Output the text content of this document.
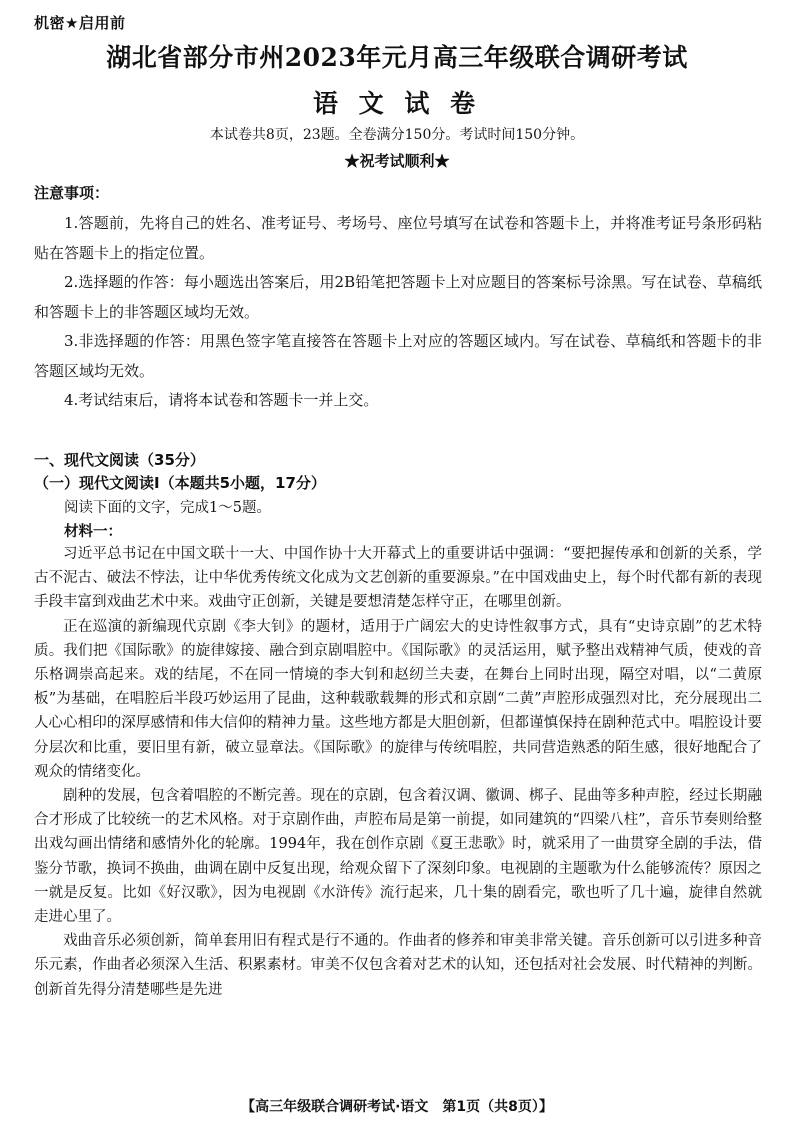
机密★启用前
湖北省部分市州2023年元月高三年级联合调研考试
语 文 试 卷
本试卷共8页，23题。全卷满分150分。考试时间150分钟。
★祝考试顺利★
注意事项：

1.答题前，先将自己的姓名、准考证号、考场号、座位号填写在试卷和答题卡上，并将准考证号条形码粘贴在答题卡上的指定位置。

2.选择题的作答：每小题选出答案后，用2B铅笔把答题卡上对应题目的答案标号涂黑。写在试卷、草稿纸和答题卡上的非答题区域均无效。

3.非选择题的作答：用黑色签字笔直接答在答题卡上对应的答题区域内。写在试卷、草稿纸和答题卡的非答题区域均无效。

4.考试结束后，请将本试卷和答题卡一并上交。

一、现代文阅读（35分）
（一）现代文阅读Ⅰ（本题共5小题，17分）
阅读下面的文字，完成1～5题。
材料一：

习近平总书记在中国文联十一大、中国作协十大开幕式上的重要讲话中强调：“要把握传承和创新的关系，学古不泥古、破法不悖法，让中华优秀传统文化成为文艺创新的重要源泉。”在中国戏曲史上，每个时代都有新的表现手段丰富到戏曲艺术中来。戏曲守正创新，关键是要想清楚怎样守正，在哪里创新。

正在巡演的新编现代京剧《李大钊》的题材，适用于广阔宏大的史诗性叙事方式，具有“史诗京剧”的艺术特质。我们把《国际歌》的旋律嫁接、融合到京剧唱腔中。《国际歌》的灵活运用，赋予整出戏精神气质，使戏的音乐格调崇高起来。戏的结尾，不在同一情境的李大钊和赵纫兰夫妻，在舞台上同时出现，隔空对唱，以“二黄原板”为基础，在唱腔后半段巧妙运用了昆曲，这种载歌载舞的形式和京剧“二黄”声腔形成强烈对比，充分展现出二人心心相印的深厚感情和伟大信仰的精神力量。这些地方都是大胆创新，但都谨慎保持在剧种范式中。唱腔设计要分层次和比重，要旧里有新，破立显章法。《国际歌》的旋律与传统唱腔，共同营造熟悉的陌生感，很好地配合了观众的情绪变化。

剧种的发展，包含着唱腔的不断完善。现在的京剧，包含着汉调、徽调、梆子、昆曲等多种声腔，经过长期融合才形成了比较统一的艺术风格。对于京剧作曲，声腔布局是第一前提，如同建筑的“四梁八柱”，音乐节奏则给整出戏勾画出情绪和感情外化的轮廓。1994年，我在创作京剧《夏王悲歌》时，就采用了一曲贯穿全剧的手法，借鉴分节歌，换词不换曲，曲调在剧中反复出现，给观众留下了深刻印象。电视剧的主题歌为什么能够流传？原因之一就是反复。比如《好汉歌》，因为电视剧《水浒传》流行起来，几十集的剧看完，歌也听了几十遍，旋律自然就走进心里了。

戏曲音乐必须创新，简单套用旧有程式是行不通的。作曲者的修养和审美非常关键。音乐创新可以引进多种音乐元素，作曲者必须深入生活、积累素材。审美不仅包含着对艺术的认知，还包括对社会发展、时代精神的判断。创新首先得分清楚哪些是先进

【高三年级联合调研考试·语文　第1页（共8页）】
